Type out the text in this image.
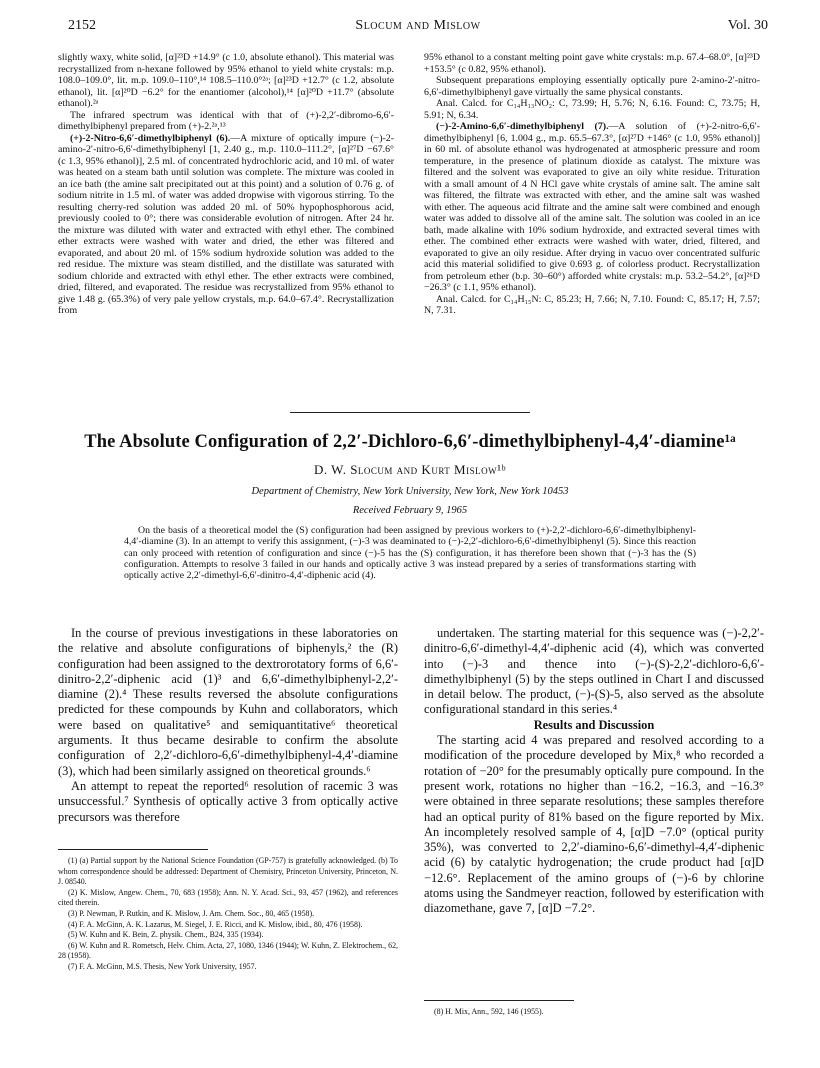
2152	Slocum and Mislow	Vol. 30

slightly waxy, white solid, [α]²³D +14.9° (c 1.0, absolute ethanol). This material was recrystallized from n-hexane followed by 95% ethanol to yield white crystals: m.p. 108.0–109.0°, lit. m.p. 109.0–110°,¹⁴ 108.5–110.0°²ᵃ; [α]²³D +12.7° (c 1.2, absolute ethanol), lit. [α]²⁰D −6.2° for the enantiomer (alcohol),¹⁴ [α]²⁰D +11.7° (absolute ethanol).²ᵃ

The infrared spectrum was identical with that of (+)-2,2′-dibromo-6,6′-dimethylbiphenyl prepared from (+)-2.²ᵃ,¹³

(+)-2-Nitro-6,6′-dimethylbiphenyl (6).—A mixture of optically impure (−)-2-amino-2′-nitro-6,6′-dimethylbiphenyl [1, 2.40 g., m.p. 110.0–111.2°, [α]²⁷D −67.6° (c 1.3, 95% ethanol)], 2.5 ml. of concentrated hydrochloric acid, and 10 ml. of water was heated on a steam bath until solution was complete. The mixture was cooled in an ice bath (the amine salt precipitated out at this point) and a solution of 0.76 g. of sodium nitrite in 1.5 ml. of water was added dropwise with vigorous stirring. To the resulting cherry-red solution was added 20 ml. of 50% hypophosphorous acid, previously cooled to 0°; there was considerable evolution of nitrogen. After 24 hr. the mixture was diluted with water and extracted with ethyl ether. The combined ether extracts were washed with water and dried, the ether was filtered and evaporated, and about 20 ml. of 15% sodium hydroxide solution was added to the red residue. The mixture was steam distilled, and the distillate was saturated with sodium chloride and extracted with ethyl ether. The ether extracts were combined, dried, filtered, and evaporated. The residue was recrystallized from 95% ethanol to give 1.48 g. (65.3%) of very pale yellow crystals, m.p. 64.0–67.4°. Recrystallization from

95% ethanol to a constant melting point gave white crystals: m.p. 67.4–68.0°, [α]²³D +153.5° (c 0.82, 95% ethanol).

Subsequent preparations employing essentially optically pure 2-amino-2′-nitro-6,6′-dimethylbiphenyl gave virtually the same physical constants.

Anal. Calcd. for C₁₄H₁₃NO₂: C, 73.99; H, 5.76; N, 6.16. Found: C, 73.75; H, 5.91; N, 6.34.

(−)-2-Amino-6,6′-dimethylbiphenyl (7).—A solution of (+)-2-nitro-6,6′-dimethylbiphenyl [6, 1.004 g., m.p. 65.5–67.3°, [α]²⁷D +146° (c 1.0, 95% ethanol)] in 60 ml. of absolute ethanol was hydrogenated at atmospheric pressure and room temperature, in the presence of platinum dioxide as catalyst. The mixture was filtered and the solvent was evaporated to give an oily white residue. Trituration with a small amount of 4 N HCl gave white crystals of amine salt. The amine salt was filtered, the filtrate was extracted with ether, and the amine salt was washed with ether. The aqueous acid filtrate and the amine salt were combined and enough water was added to dissolve all of the amine salt. The solution was cooled in an ice bath, made alkaline with 10% sodium hydroxide, and extracted several times with ether. The combined ether extracts were washed with water, dried, filtered, and evaporated to give an oily residue. After drying in vacuo over concentrated sulfuric acid this material solidified to give 0.693 g. of colorless product. Recrystallization from petroleum ether (b.p. 30–60°) afforded white crystals: m.p. 53.2–54.2°, [α]²⁶D −26.3° (c 1.1, 95% ethanol).

Anal. Calcd. for C₁₄H₁₅N: C, 85.23; H, 7.66; N, 7.10. Found: C, 85.17; H, 7.57; N, 7.31.

The Absolute Configuration of 2,2′-Dichloro-6,6′-dimethylbiphenyl-4,4′-diamine¹ᵃ
D. W. Slocum and Kurt Mislow¹ᵇ
Department of Chemistry, New York University, New York, New York 10453
Received February 9, 1965

On the basis of a theoretical model the (S) configuration had been assigned by previous workers to (+)-2,2′-dichloro-6,6′-dimethylbiphenyl-4,4′-diamine (3). In an attempt to verify this assignment, (−)-3 was deaminated to (−)-2,2′-dichloro-6,6′-dimethylbiphenyl (5). Since this reaction can only proceed with retention of configuration and since (−)-5 has the (S) configuration, it has therefore been shown that (−)-3 has the (S) configuration. Attempts to resolve 3 failed in our hands and optically active 3 was instead prepared by a series of transformations starting with optically active 2,2′-dimethyl-6,6′-dinitro-4,4′-diphenic acid (4).

In the course of previous investigations in these laboratories on the relative and absolute configurations of biphenyls,² the (R) configuration had been assigned to the dextrorotatory forms of 6,6′-dinitro-2,2′-diphenic acid (1)³ and 6,6′-dimethylbiphenyl-2,2′-diamine (2).⁴ These results reversed the absolute configurations predicted for these compounds by Kuhn and collaborators, which were based on qualitative⁵ and semiquantitative⁶ theoretical arguments. It thus became desirable to confirm the absolute configuration of 2,2′-dichloro-6,6′-dimethylbiphenyl-4,4′-diamine (3), which had been similarly assigned on theoretical grounds.⁶

An attempt to repeat the reported⁶ resolution of racemic 3 was unsuccessful.⁷ Synthesis of optically active 3 from optically active precursors was therefore

(1) (a) Partial support by the National Science Foundation (GP-757) is gratefully acknowledged. (b) To whom correspondence should be addressed: Department of Chemistry, Princeton University, Princeton, N. J. 08540.

(2) K. Mislow, Angew. Chem., 70, 683 (1958); Ann. N. Y. Acad. Sci., 93, 457 (1962), and references cited therein.

(3) P. Newman, P. Rutkin, and K. Mislow, J. Am. Chem. Soc., 80, 465 (1958).

(4) F. A. McGinn, A. K. Lazarus, M. Siegel, J. E. Ricci, and K. Mislow, ibid., 80, 476 (1958).

(5) W. Kuhn and K. Bein, Z. physik. Chem., B24, 335 (1934).

(6) W. Kuhn and R. Rometsch, Helv. Chim. Acta, 27, 1080, 1346 (1944); W. Kuhn, Z. Elektrochem., 62, 28 (1958).

(7) F. A. McGinn, M.S. Thesis, New York University, 1957.

undertaken. The starting material for this sequence was (−)-2,2′-dinitro-6,6′-dimethyl-4,4′-diphenic acid (4), which was converted into (−)-3 and thence into (−)-(S)-2,2′-dichloro-6,6′-dimethylbiphenyl (5) by the steps outlined in Chart I and discussed in detail below. The product, (−)-(S)-5, also served as the absolute configurational standard in this series.⁴

Results and Discussion

The starting acid 4 was prepared and resolved according to a modification of the procedure developed by Mix,⁸ who recorded a rotation of −20° for the presumably optically pure compound. In the present work, rotations no higher than −16.2, −16.3, and −16.3° were obtained in three separate resolutions; these samples therefore had an optical purity of 81% based on the figure reported by Mix. An incompletely resolved sample of 4, [α]D −7.0° (optical purity 35%), was converted to 2,2′-diamino-6,6′-dimethyl-4,4′-diphenic acid (6) by catalytic hydrogenation; the crude product had [α]D −12.6°. Replacement of the amino groups of (−)-6 by chlorine atoms using the Sandmeyer reaction, followed by esterification with diazomethane, gave 7, [α]D −7.2°.

(8) H. Mix, Ann., 592, 146 (1955).
